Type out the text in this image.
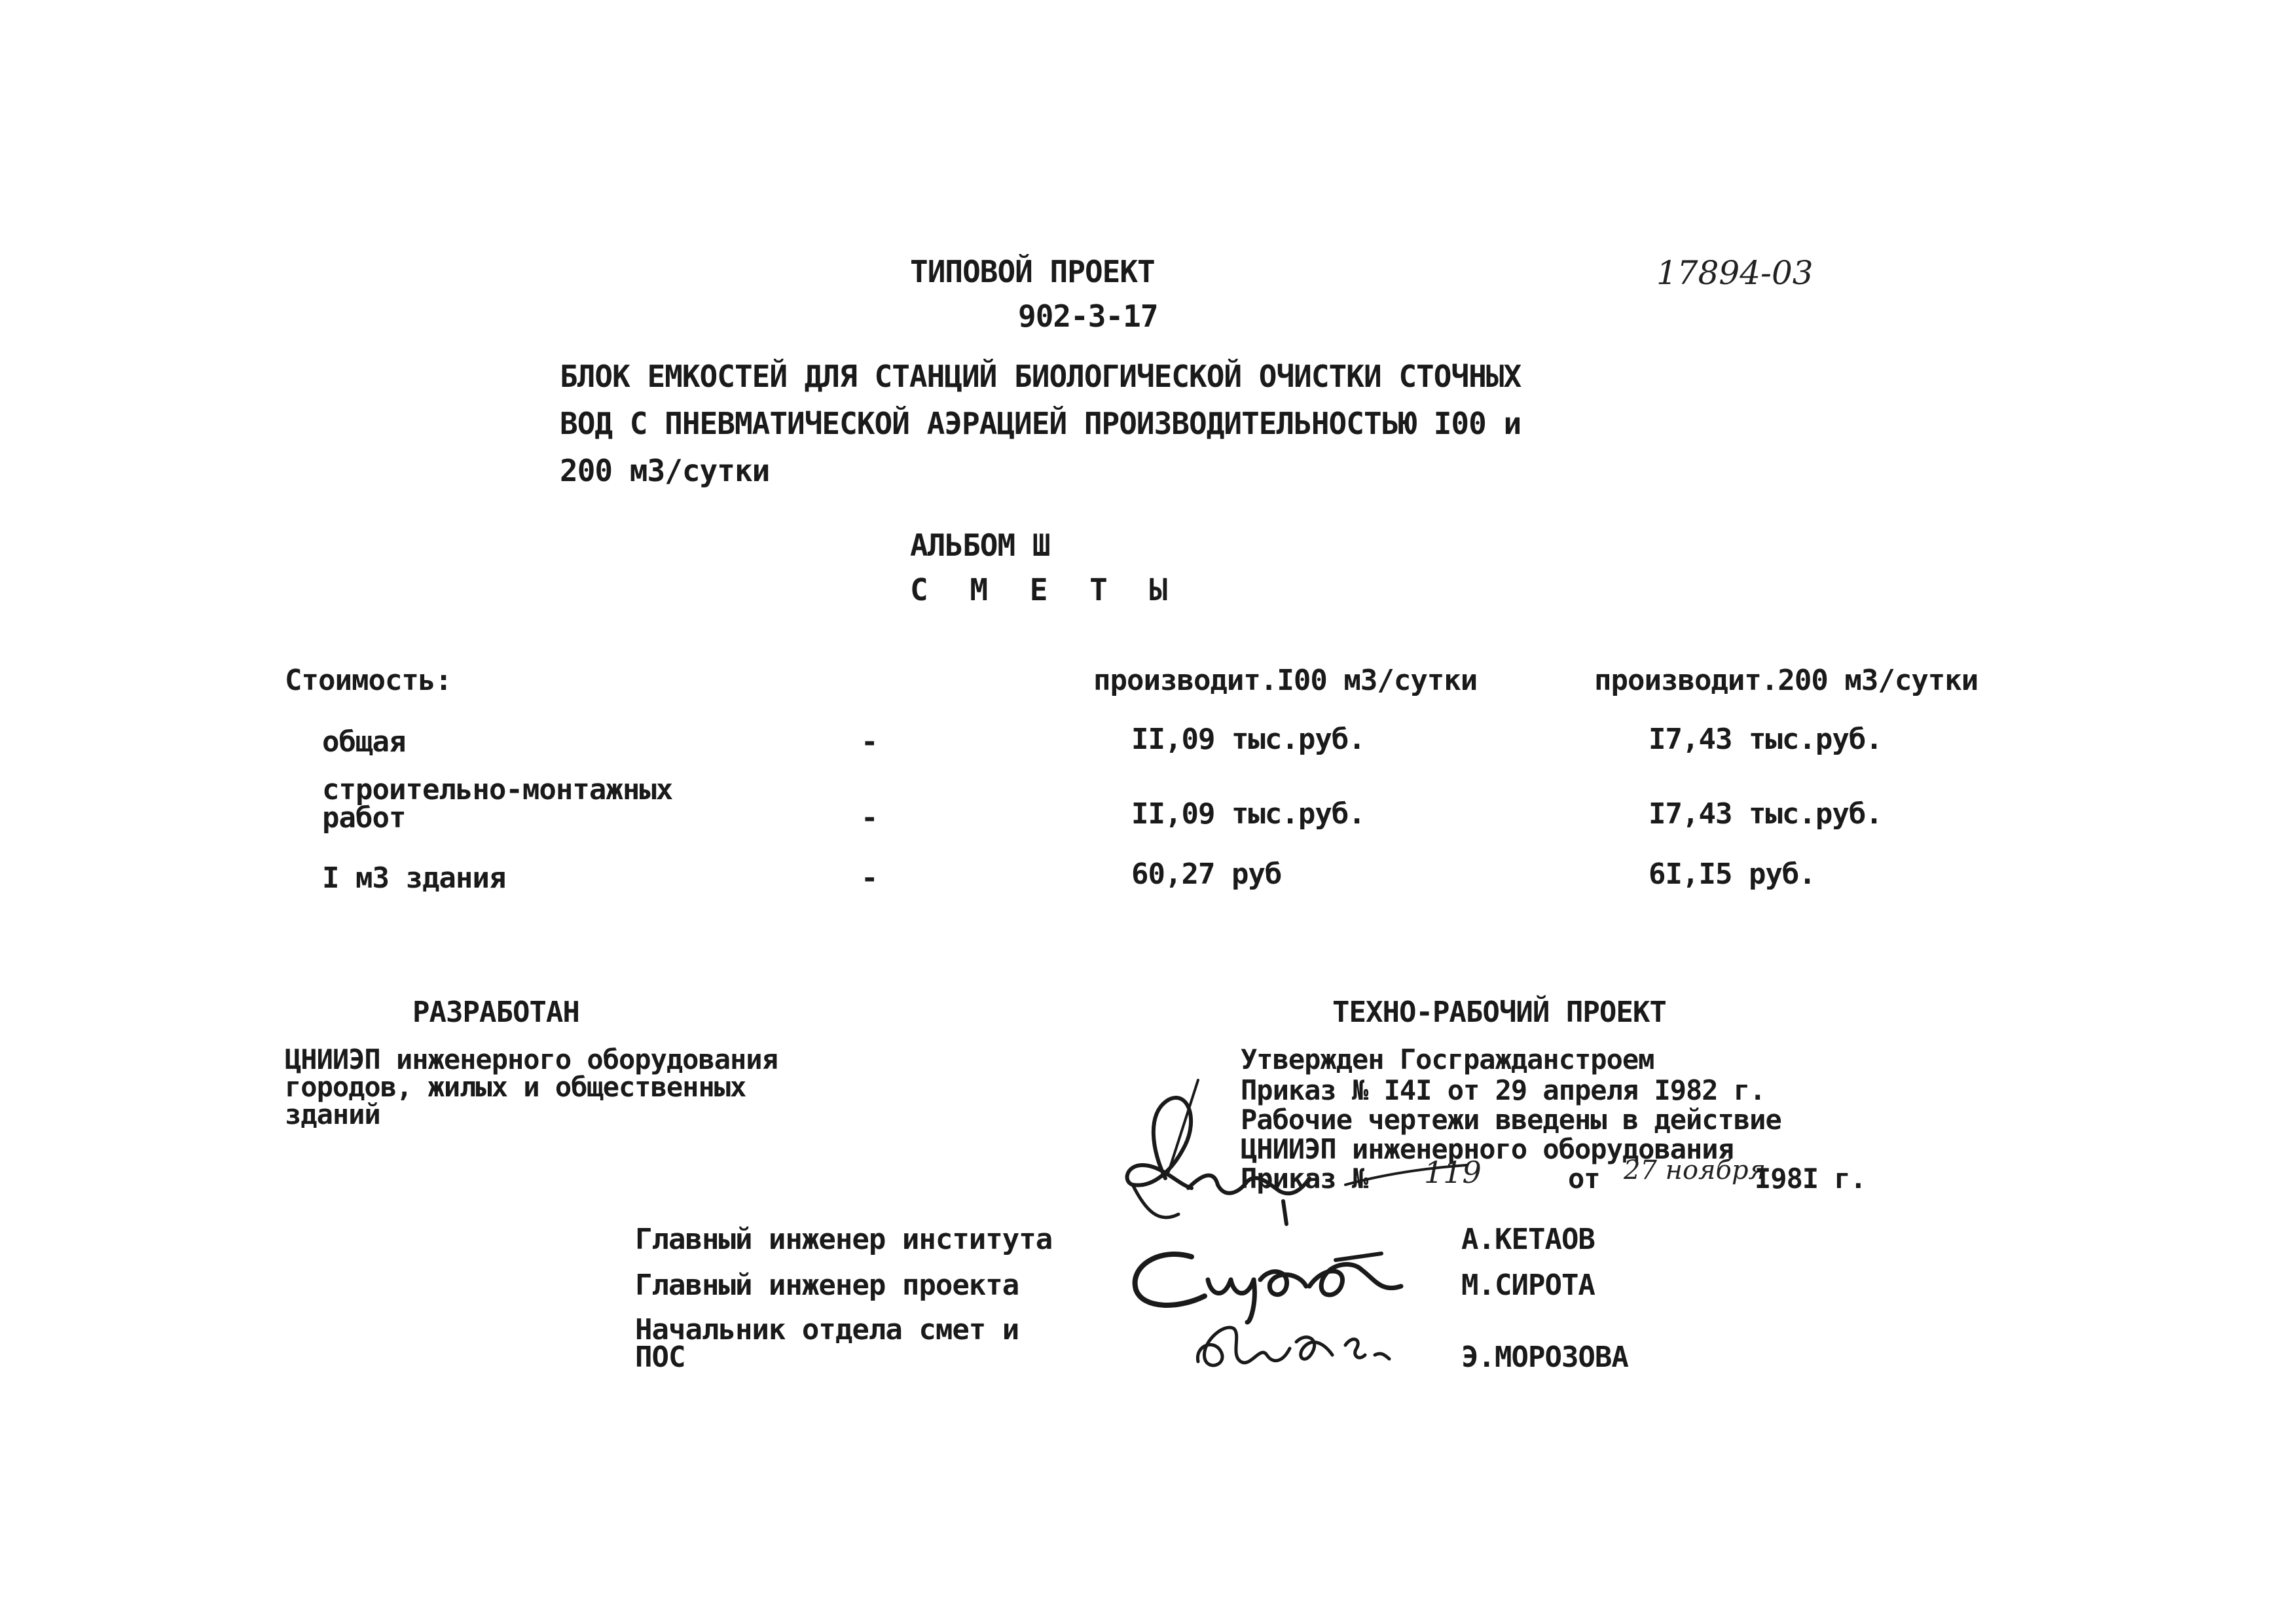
ТИПОВОЙ ПРОЕКТ
902-3-17
17894-03
БЛОК ЕМКОСТЕЙ ДЛЯ СТАНЦИЙ БИОЛОГИЧЕСКОЙ ОЧИСТКИ СТОЧНЫХ
ВОД С ПНЕВМАТИЧЕСКОЙ АЭРАЦИЕЙ ПРОИЗВОДИТЕЛЬНОСТЬЮ I00 и
200 м3/сутки
АЛЬБОМ Ш
С М Е Т Ы
Стоимость:	производит.I00 м3/сутки	производит.200 м3/сутки
общая	-	II,09 тыс.руб.	I7,43 тыс.руб.
строительно-монтажных
работ	-	II,09 тыс.руб.	I7,43 тыс.руб.
I м3 здания	-	60,27 руб	6I,I5 руб.
РАЗРАБОТАН
ЦНИИЭП инженерного оборудования
городов, жилых и общественных
зданий
ТЕХНО-РАБОЧИЙ ПРОЕКТ
Утвержден Госгражданстроем
Приказ № I4I от 29 апреля I982 г.
Рабочие чертежи введены в действие
ЦНИИЭП инженерного оборудования
Приказ № 119	от 27 ноября
I98I г.
Главный инженер института	А.КЕТАОВ
Главный инженер проекта	М.СИРОТА
Начальник отдела смет и
ПОС	Э.МОРОЗОВА
